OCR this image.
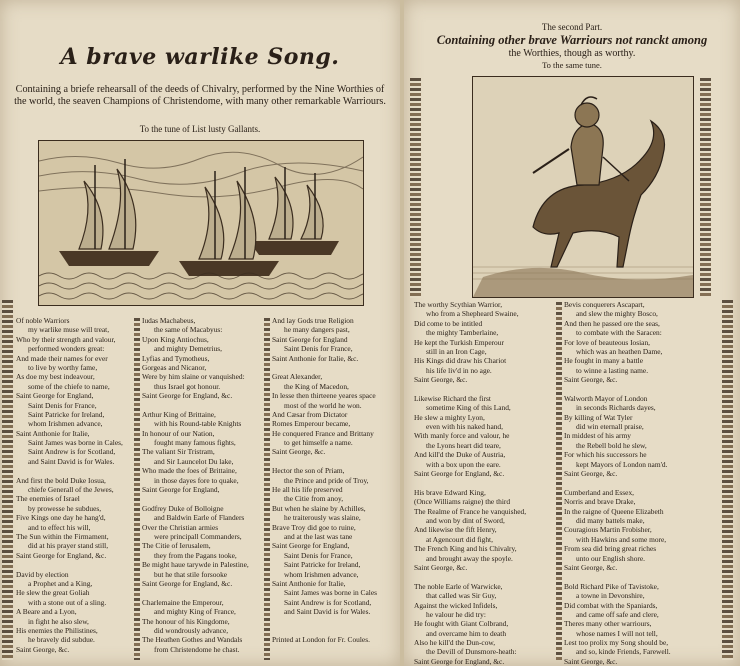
A brave warlike Song.
Containing a briefe rehearsall of the deeds of Chivalry, performed by the Nine Worthies of the world, the seaven Champions of Christendome, with many other remarkable Warriours.
To the tune of List lusty Gallants.
Of noble Warriors
my warlike muse will treat,
Who by their strength and valour,
performed wonders great:
And made their names for ever
to live by worthy fame,
As doe my best indeavour,
some of the chiefe to name,
Saint George for England,
Saint Denis for France,
Saint Patricke for Ireland,
whom Irishmen advance,
Saint Anthonie for Italie,
Saint James was borne in Cales,
Saint Andrew is for Scotland,
and Saint David is for Wales.
And first the bold Duke Iosua,
chiefe Generall of the Jewes,
The enemies of Israel
by prowesse he subdues,
Five Kings one day he hang'd,
and to effect his will,
The Sun within the Firmament,
did at his prayer stand still,
Saint George for England, &c.
David by election
a Prophet and a King,
He slew the great Goliah
with a stone out of a sling.
A Beare and a Lyon,
in fight he also slew,
His enemies the Philistines,
he bravely did subdue.
Saint George, &c.
Iudas Machabeus,
the same of Macabyus:
Upon King Antiochus,
and mighty Demetrius,
Lyfias and Tymotheus,
Gorgeas and Nicanor,
Were by him slaine or vanquished:
thus Israel got honour.
Saint George for England, &c.
Arthur King of Brittaine,
with his Round-table Knights
In honour of our Nation,
fought many famous fights,
The valiant Sir Tristram,
and Sir Launcelot Du lake,
Who made the foes of Brittaine,
in those dayes fore to quake,
Saint George for England,
Godfrey Duke of Bolloigne
and Baldwin Earle of Flanders
Over the Christian armies
were principall Commanders,
The Citie of Ierusalem,
they from the Pagans tooke,
Be might haue tarywde in Palestine,
but he that stile forsooke
Saint George for England, &c.
Charlemaine the Emperour,
and mighty King of France,
The honour of his Kingdome,
did wondrously advance,
The Heathen Gothes and Wandals
from Christendome he chast.
And lay Gods true Religion
he many dangers past,
Saint George for England
Saint Denis for France,
Saint Anthonie for Italie, &c.
Great Alexander,
the King of Macedon,
In lesse then thirteene yeares space
most of the world he won.
And Cæsar from Dictator
Romes Emperour became,
He conquered France and Brittany
to get himselfe a name.
Saint George, &c.
Hector the son of Priam,
the Prince and pride of Troy,
He all his life preserved
the Citie from anoy,
But when he slaine by Achilles,
he traiterously was slaine,
Brave Troy did goe to ruine,
and at the last was tane
Saint George for England,
Saint Denis for France,
Saint Patricke for Ireland,
whom Irishmen advance,
Saint Anthonie for Italie,
Saint James was borne in Cales
Saint Andrew is for Scotland,
and Saint David is for Wales.
Printed at London for Fr. Coules.
The second Part.
Containing other brave Warriours not ranckt among
the Worthies, though as worthy.
To the same tune.
The worthy Scythian Warrior,
who from a Shepheard Swaine,
Did come to be intitled
the mighty Tamberlaine,
He kept the Turkish Emperour
still in an Iron Cage,
His Kings did draw his Chariot
his life liv'd in no age.
Saint George, &c.
Likewise Richard the first
sometime King of this Land,
He slew a mighty Lyon,
even with his naked hand,
With manly force and valour, he
the Lyons heart did teare,
And kill'd the Duke of Austria,
with a box upon the eare.
Saint George for England, &c.
His brave Edward King,
(Once Williams raigne) the third
The Realme of France he vanquished,
and won by dint of Sword,
And likewise the fift Henry,
at Agencourt did fight,
The French King and his Chivalry,
and brought away the spoyle.
Saint George, &c.
The noble Earle of Warwicke,
that called was Sir Guy,
Against the wicked Infidels,
he valour he did try:
He fought with Giant Colbrand,
and overcame him to death
Also he kill'd the Dun-cow,
the Devill of Dunsmore-heath:
Saint George for England, &c.
Bevis conquerers Ascapart,
and slew the mighty Bosco,
And then he passed ore the seas,
to combate with the Saracen:
For love of beauteous Iosian,
which was an heathen Dame,
He fought in many a battle
to winne a lasting name.
Saint George, &c.
Walworth Mayor of London
in seconds Richards dayes,
By killing of Wat Tyler
did win eternall praise,
In middest of his army
the Rebell bold he slew,
For which his successors he
kept Mayors of London nam'd.
Saint George, &c.
Cumberland and Essex,
Norris and brave Drake,
In the raigne of Queene Elizabeth
did many battels make,
Couragious Martin Frobisher,
with Hawkins and some more,
From sea did bring great riches
unto our English shore.
Saint George, &c.
Bold Richard Pike of Tavistoke,
a towne in Devonshire,
Did combat with the Spaniards,
and came off safe and clere,
Theres many other warriours,
whose names I will not tell,
Lest too prolix my Song should be,
and so, kinde Friends, Farewell.
Saint George, &c.
